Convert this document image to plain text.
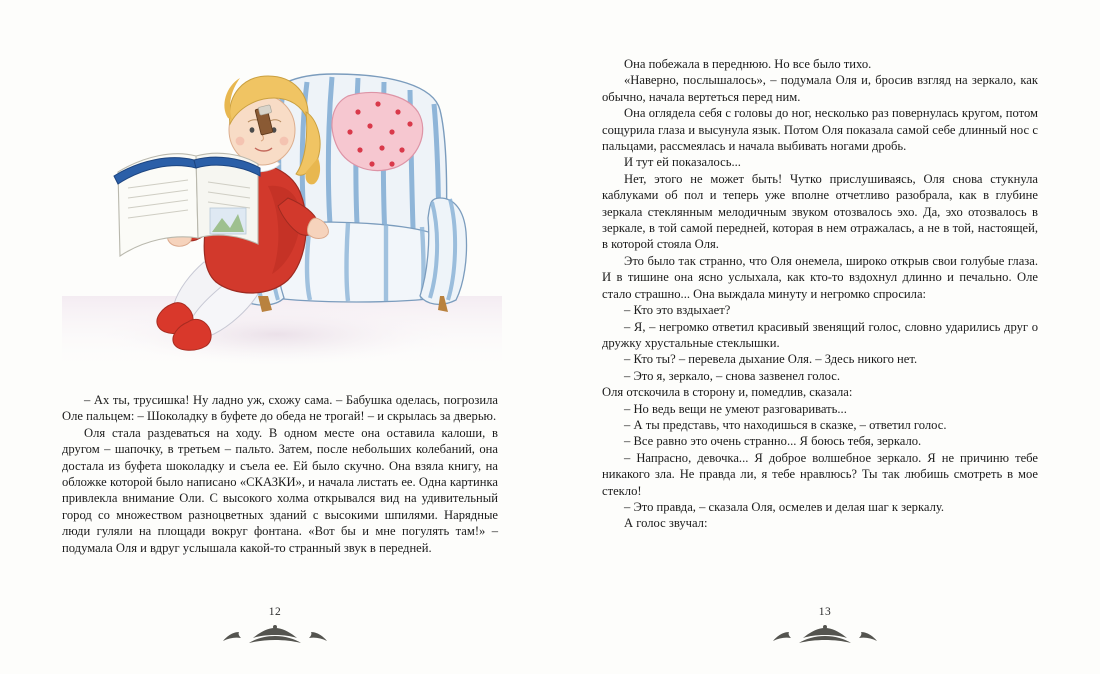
– Ах ты, трусишка! Ну ладно уж, схожу сама. – Бабушка оделась, погрозила Оле пальцем: – Шоколадку в буфете до обеда не трогай! – и скрылась за дверью.

Оля стала раздеваться на ходу. В одном месте она оставила калоши, в другом – шапочку, в третьем – пальто. Затем, после небольших колебаний, она достала из буфета шоколадку и съела ее. Ей было скучно. Она взяла книгу, на обложке которой было написано «СКАЗКИ», и начала листать ее. Одна картинка привлекла внимание Оли. С высокого холма открывался вид на удивительный город со множеством разноцветных зданий с высокими шпилями. Нарядные люди гуляли на площади вокруг фонтана. «Вот бы и мне погулять там!» – подумала Оля и вдруг услышала какой-то странный звук в передней.

12

Она побежала в переднюю. Но все было тихо.

«Наверно, послышалось», – подумала Оля и, бросив взгляд на зеркало, как обычно, начала вертеться перед ним.

Она оглядела себя с головы до ног, несколько раз повернулась кругом, потом сощурила глаза и высунула язык. Потом Оля показала самой себе длинный нос с пальцами, рассмеялась и начала выбивать ногами дробь.

И тут ей показалось...

Нет, этого не может быть! Чутко прислушиваясь, Оля снова стукнула каблуками об пол и теперь уже вполне отчетливо разобрала, как в глубине зеркала стеклянным мелодичным звуком отозвалось эхо. Да, эхо отозвалось в зеркале, в той самой передней, которая в нем отражалась, а не в той, настоящей, в которой стояла Оля.

Это было так странно, что Оля онемела, широко открыв свои голубые глаза. И в тишине она ясно услыхала, как кто-то вздохнул длинно и печально. Оле стало страшно... Она выждала минуту и негромко спросила:

– Кто это вздыхает?

– Я, – негромко ответил красивый звенящий голос, словно ударились друг о дружку хрустальные стеклышки.

– Кто ты? – перевела дыхание Оля. – Здесь никого нет.

– Это я, зеркало, – снова зазвенел голос.

Оля отскочила в сторону и, помедлив, сказала:

– Но ведь вещи не умеют разговаривать...

– А ты представь, что находишься в сказке, – ответил голос.

– Все равно это очень странно... Я боюсь тебя, зеркало.

– Напрасно, девочка... Я доброе волшебное зеркало. Я не причиню тебе никакого зла. Не правда ли, я тебе нравлюсь? Ты так любишь смотреть в мое стекло!

– Это правда, – сказала Оля, осмелев и делая шаг к зеркалу.

А голос звучал:

13
